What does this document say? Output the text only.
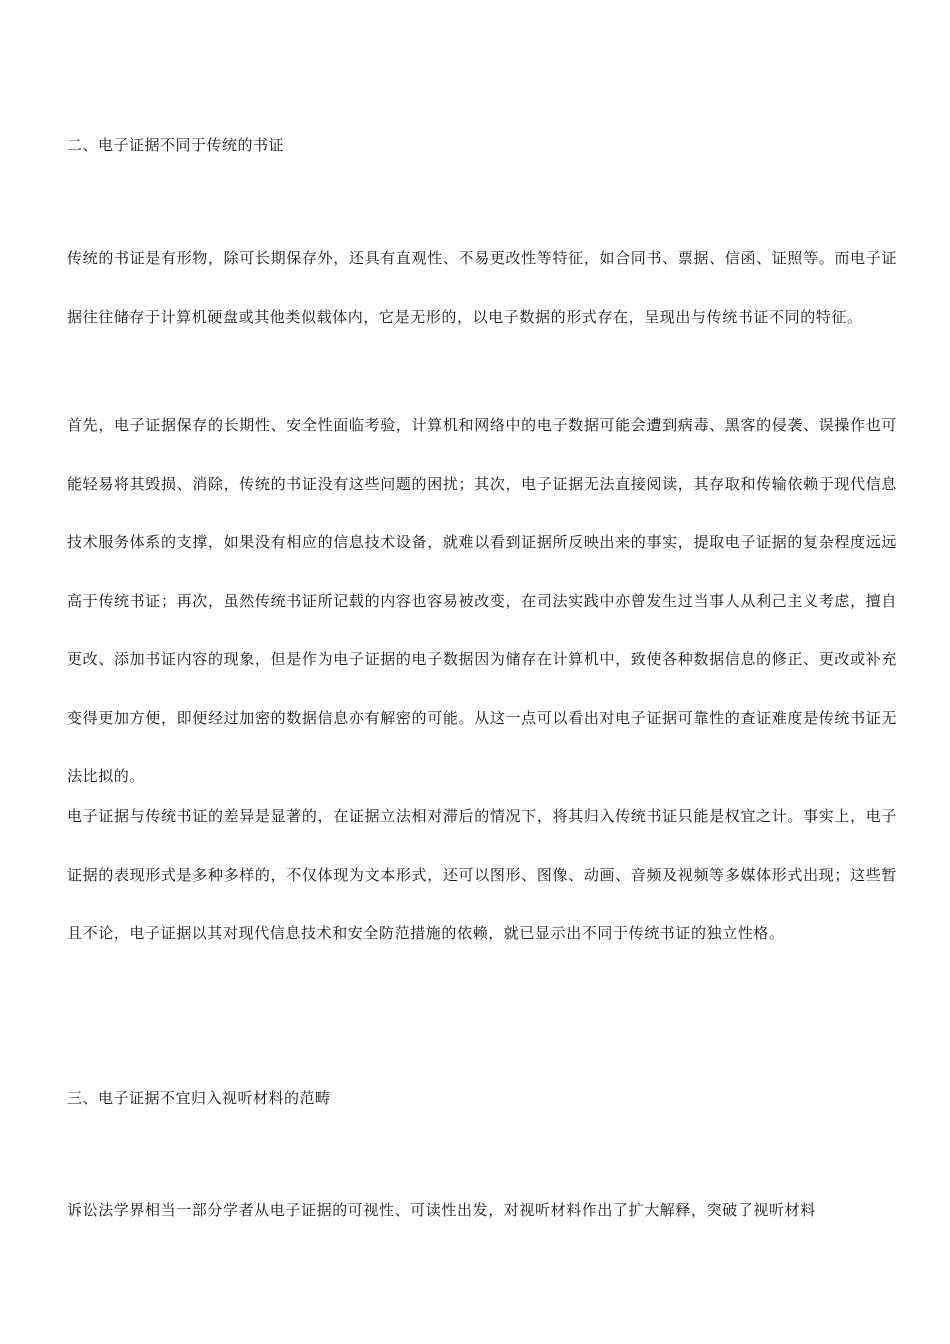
二、电子证据不同于传统的书证
传统的书证是有形物，除可长期保存外，还具有直观性、不易更改性等特征，如合同书、票据、信函、证照等。而电子证据往往储存于计算机硬盘或其他类似载体内，它是无形的，以电子数据的形式存在，呈现出与传统书证不同的特征。
首先，电子证据保存的长期性、安全性面临考验，计算机和网络中的电子数据可能会遭到病毒、黑客的侵袭、误操作也可能轻易将其毁损、消除，传统的书证没有这些问题的困扰；其次，电子证据无法直接阅读，其存取和传输依赖于现代信息技术服务体系的支撑，如果没有相应的信息技术设备，就难以看到证据所反映出来的事实，提取电子证据的复杂程度远远高于传统书证；再次，虽然传统书证所记载的内容也容易被改变，在司法实践中亦曾发生过当事人从利己主义考虑，擅自更改、添加书证内容的现象，但是作为电子证据的电子数据因为储存在计算机中，致使各种数据信息的修正、更改或补充变得更加方便，即便经过加密的数据信息亦有解密的可能。从这一点可以看出对电子证据可靠性的查证难度是传统书证无法比拟的。
电子证据与传统书证的差异是显著的，在证据立法相对滞后的情况下，将其归入传统书证只能是权宜之计。事实上，电子证据的表现形式是多种多样的，不仅体现为文本形式，还可以图形、图像、动画、音频及视频等多媒体形式出现；这些暂且不论，电子证据以其对现代信息技术和安全防范措施的依赖，就已显示出不同于传统书证的独立性格。
三、电子证据不宜归入视听材料的范畴
诉讼法学界相当一部分学者从电子证据的可视性、可读性出发，对视听材料作出了扩大解释，突破了视听材料
